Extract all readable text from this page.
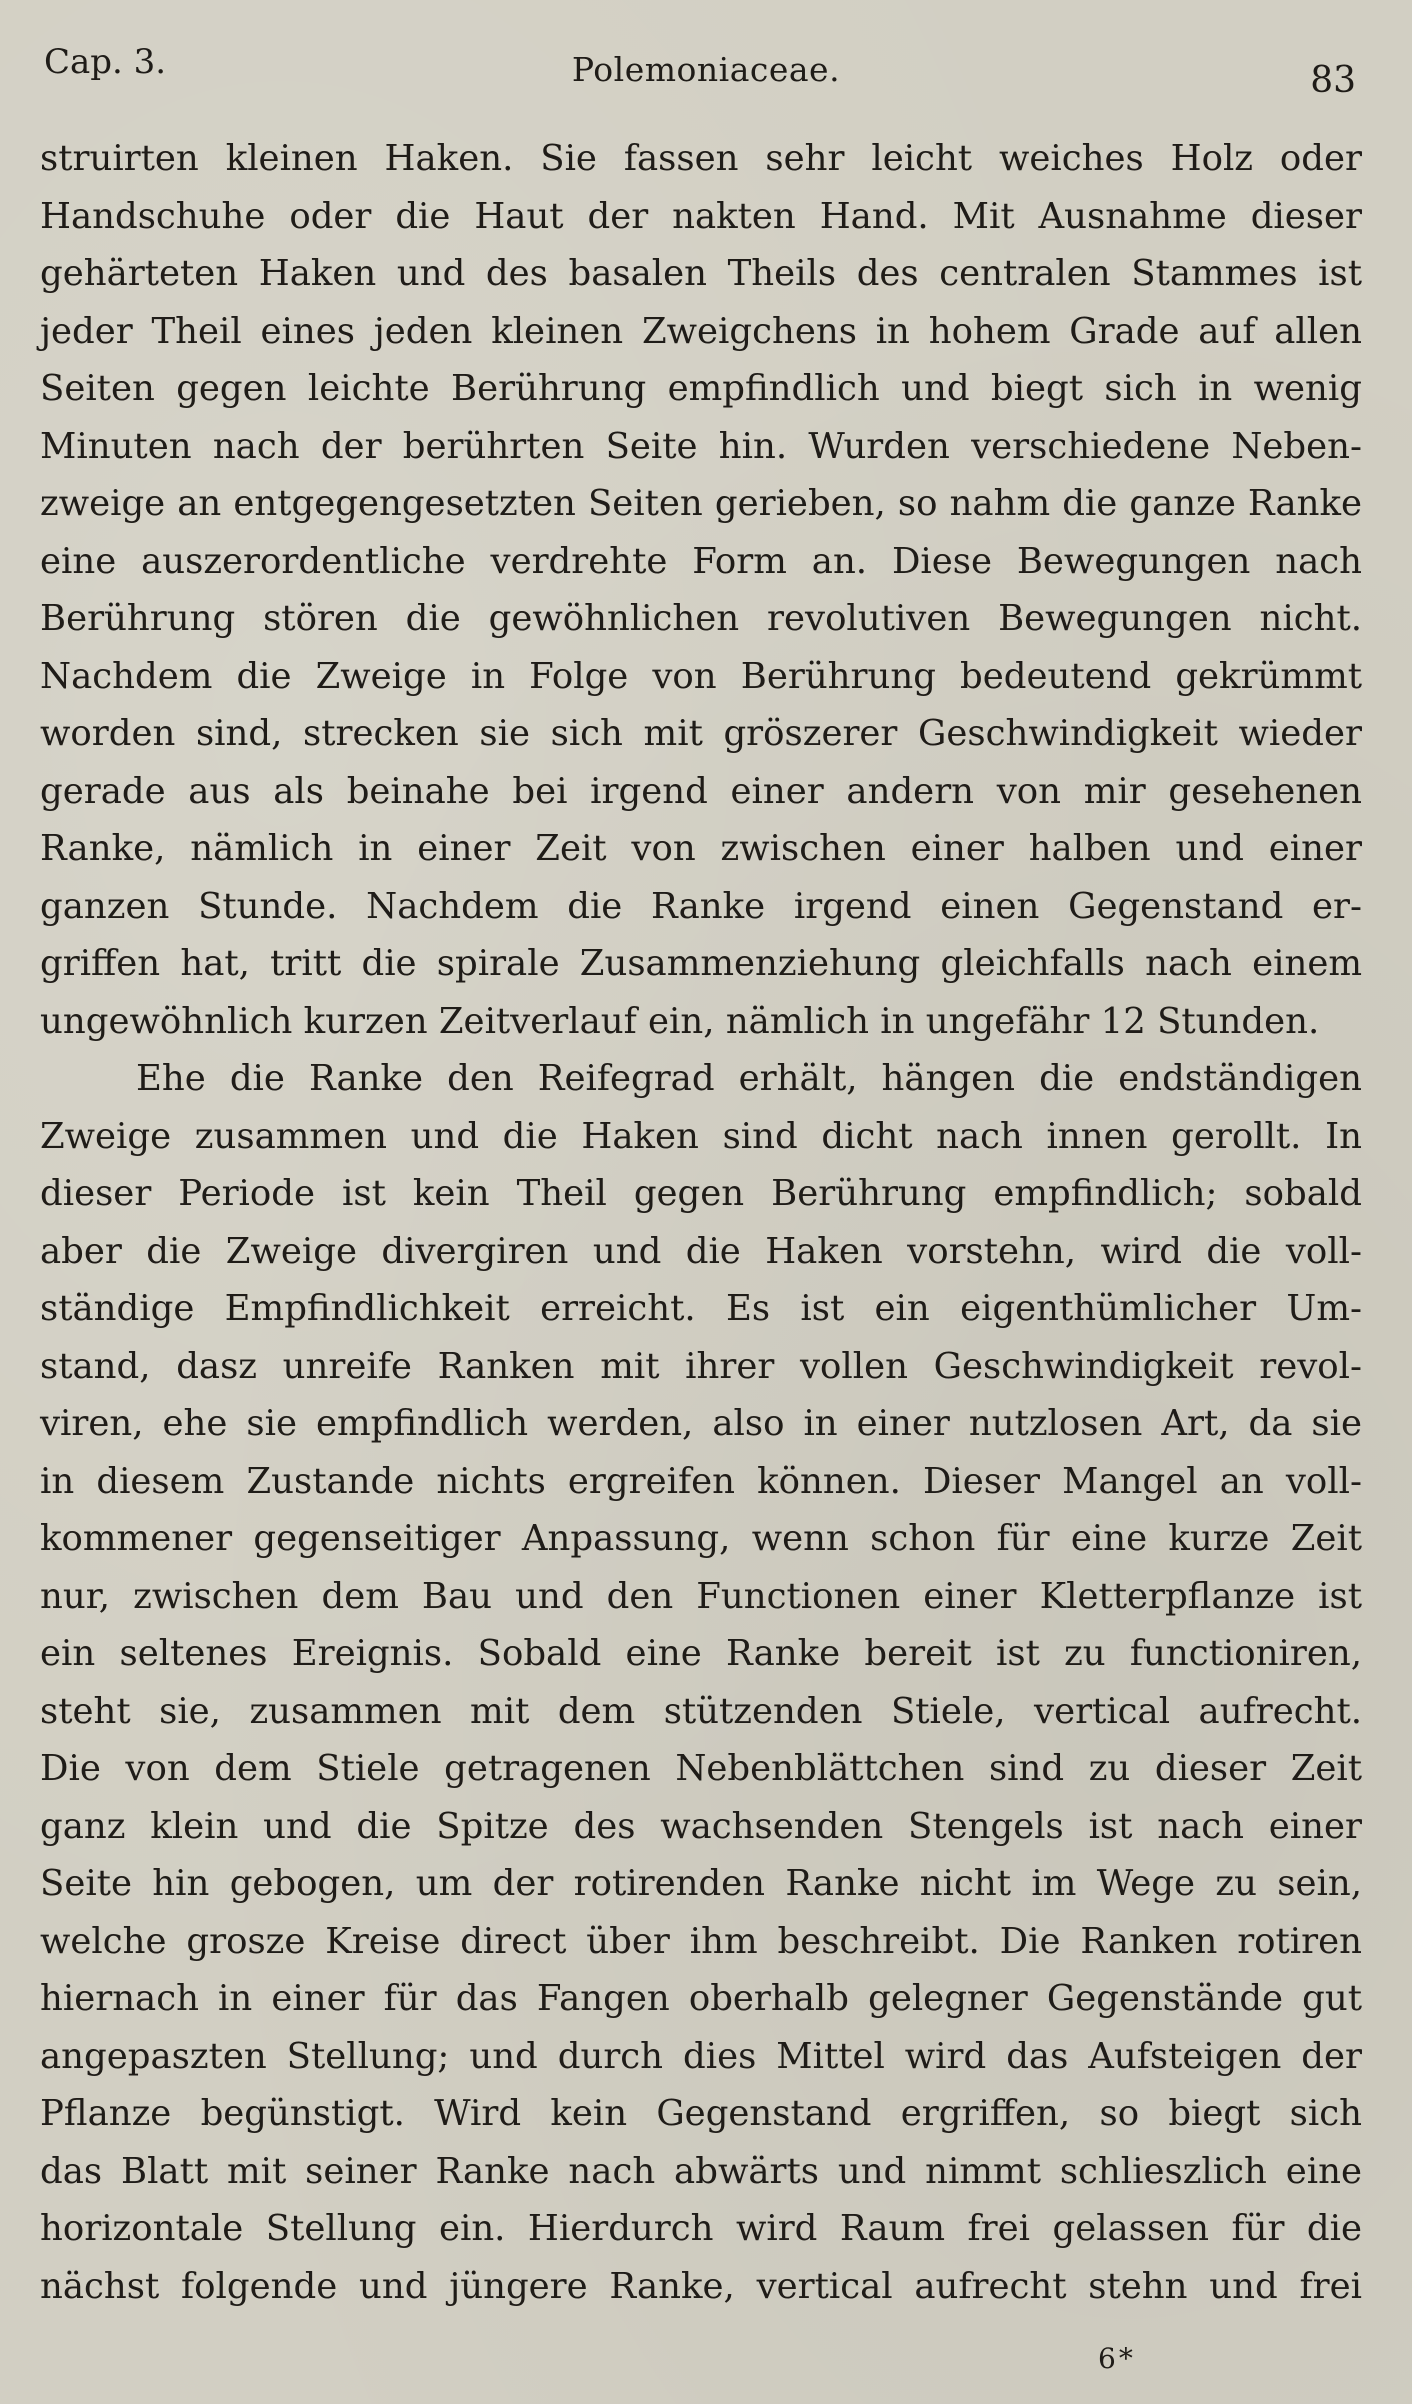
Cap. 3.	Polemoniaceae.	83
struirten kleinen Haken. Sie fassen sehr leicht weiches Holz oder
Handschuhe oder die Haut der nakten Hand. Mit Ausnahme dieser
gehärteten Haken und des basalen Theils des centralen Stammes ist
jeder Theil eines jeden kleinen Zweigchens in hohem Grade auf allen
Seiten gegen leichte Berührung empfindlich und biegt sich in wenig
Minuten nach der berührten Seite hin. Wurden verschiedene Neben-
zweige an entgegengesetzten Seiten gerieben, so nahm die ganze Ranke
eine auszerordentliche verdrehte Form an. Diese Bewegungen nach
Berührung stören die gewöhnlichen revolutiven Bewegungen nicht.
Nachdem die Zweige in Folge von Berührung bedeutend gekrümmt
worden sind, strecken sie sich mit gröszerer Geschwindigkeit wieder
gerade aus als beinahe bei irgend einer andern von mir gesehenen
Ranke, nämlich in einer Zeit von zwischen einer halben und einer
ganzen Stunde. Nachdem die Ranke irgend einen Gegenstand er-
griffen hat, tritt die spirale Zusammenziehung gleichfalls nach einem
ungewöhnlich kurzen Zeitverlauf ein, nämlich in ungefähr 12 Stunden.
Ehe die Ranke den Reifegrad erhält, hängen die endständigen
Zweige zusammen und die Haken sind dicht nach innen gerollt. In
dieser Periode ist kein Theil gegen Berührung empfindlich; sobald
aber die Zweige divergiren und die Haken vorstehn, wird die voll-
ständige Empfindlichkeit erreicht. Es ist ein eigenthümlicher Um-
stand, dasz unreife Ranken mit ihrer vollen Geschwindigkeit revol-
viren, ehe sie empfindlich werden, also in einer nutzlosen Art, da sie
in diesem Zustande nichts ergreifen können. Dieser Mangel an voll-
kommener gegenseitiger Anpassung, wenn schon für eine kurze Zeit
nur, zwischen dem Bau und den Functionen einer Kletterpflanze ist
ein seltenes Ereignis. Sobald eine Ranke bereit ist zu functioniren,
steht sie, zusammen mit dem stützenden Stiele, vertical aufrecht.
Die von dem Stiele getragenen Nebenblättchen sind zu dieser Zeit
ganz klein und die Spitze des wachsenden Stengels ist nach einer
Seite hin gebogen, um der rotirenden Ranke nicht im Wege zu sein,
welche grosze Kreise direct über ihm beschreibt. Die Ranken rotiren
hiernach in einer für das Fangen oberhalb gelegner Gegenstände gut
angepaszten Stellung; und durch dies Mittel wird das Aufsteigen der
Pflanze begünstigt. Wird kein Gegenstand ergriffen, so biegt sich
das Blatt mit seiner Ranke nach abwärts und nimmt schlieszlich eine
horizontale Stellung ein. Hierdurch wird Raum frei gelassen für die
nächst folgende und jüngere Ranke, vertical aufrecht stehn und frei
6*
